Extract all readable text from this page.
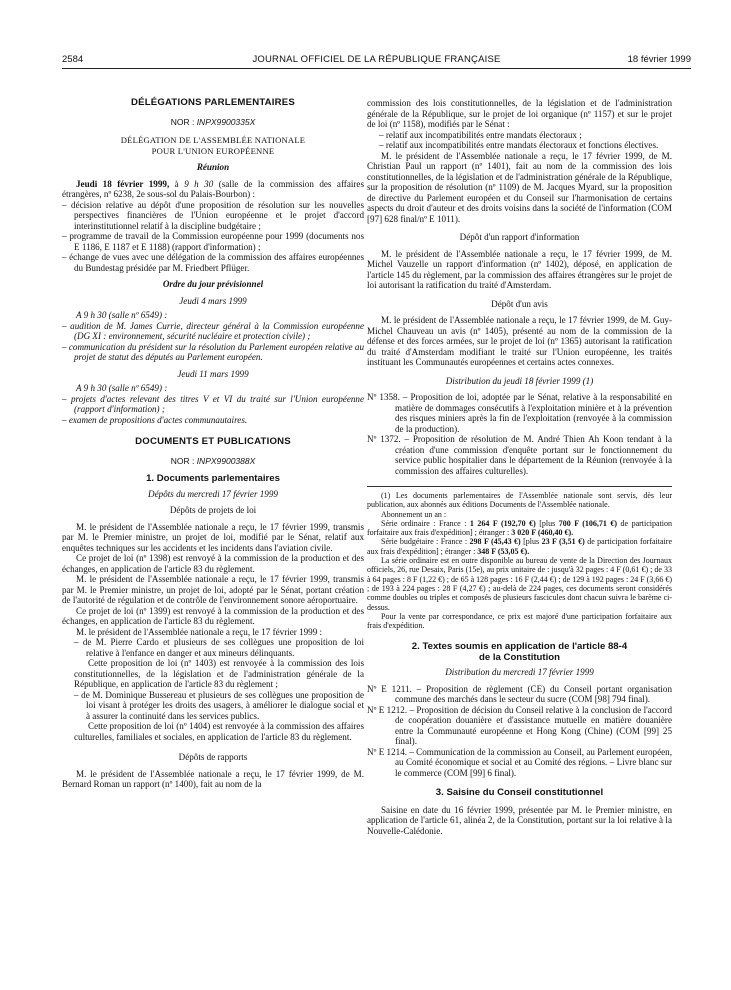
2584	JOURNAL OFFICIEL DE LA RÉPUBLIQUE FRANÇAISE	18 février 1999

DÉLÉGATIONS PARLEMENTAIRES

NOR : INPX9900335X

DÉLÉGATION DE L'ASSEMBLÉE NATIONALE

POUR L'UNION EUROPÉENNE

Réunion

Jeudi 18 février 1999, à 9 h 30 (salle de la commission des affaires étrangères, nº 6238, 2e sous-sol du Palais-Bourbon) :

– décision relative au dépôt d'une proposition de résolution sur les nouvelles perspectives financières de l'Union européenne et le projet d'accord interinstitutionnel relatif à la discipline budgétaire ;

– programme de travail de la Commission européenne pour 1999 (documents nos E 1186, E 1187 et E 1188) (rapport d'information) ;

– échange de vues avec une délégation de la commission des affaires européennes du Bundestag présidée par M. Friedbert Pflüger.

Ordre du jour prévisionnel

Jeudi 4 mars 1999

A 9 h 30 (salle nº 6549) :

– audition de M. James Currie, directeur général à la Commission européenne (DG XI : environnement, sécurité nucléaire et protection civile) ;

– communication du président sur la résolution du Parlement européen relative au projet de statut des députés au Parlement européen.

Jeudi 11 mars 1999

A 9 h 30 (salle nº 6549) :

– projets d'actes relevant des titres V et VI du traité sur l'Union européenne (rapport d'information) ;

– examen de propositions d'actes communautaires.

DOCUMENTS ET PUBLICATIONS

NOR : INPX9900388X

1. Documents parlementaires

Dépôts du mercredi 17 février 1999

Dépôts de projets de loi

M. le président de l'Assemblée nationale a reçu, le 17 février 1999, transmis par M. le Premier ministre, un projet de loi, modifié par le Sénat, relatif aux enquêtes techniques sur les accidents et les incidents dans l'aviation civile.

Ce projet de loi (nº 1398) est renvoyé à la commission de la production et des échanges, en application de l'article 83 du règlement.

M. le président de l'Assemblée nationale a reçu, le 17 février 1999, transmis par M. le Premier ministre, un projet de loi, adopté par le Sénat, portant création de l'autorité de régulation et de contrôle de l'environnement sonore aéroportuaire.

Ce projet de loi (nº 1399) est renvoyé à la commission de la production et des échanges, en application de l'article 83 du règlement.

M. le président de l'Assemblée nationale a reçu, le 17 février 1999 :

– de M. Pierre Cardo et plusieurs de ses collègues une proposition de loi relative à l'enfance en danger et aux mineurs délinquants.

Cette proposition de loi (nº 1403) est renvoyée à la commission des lois constitutionnelles, de la législation et de l'administration générale de la République, en application de l'article 83 du règlement ;

– de M. Dominique Bussereau et plusieurs de ses collègues une proposition de loi visant à protéger les droits des usagers, à améliorer le dialogue social et à assurer la continuité dans les services publics.

Cette proposition de loi (nº 1404) est renvoyée à la commission des affaires culturelles, familiales et sociales, en application de l'article 83 du règlement.

Dépôts de rapports

M. le président de l'Assemblée nationale a reçu, le 17 février 1999, de M. Bernard Roman un rapport (nº 1400), fait au nom de la

commission des lois constitutionnelles, de la législation et de l'administration générale de la République, sur le projet de loi organique (nº 1157) et sur le projet de loi (nº 1158), modifiés par le Sénat :

– relatif aux incompatibilités entre mandats électoraux ;

– relatif aux incompatibilités entre mandats électoraux et fonctions électives.

M. le président de l'Assemblée nationale a reçu, le 17 février 1999, de M. Christian Paul un rapport (nº 1401), fait au nom de la commission des lois constitutionnelles, de la législation et de l'administration générale de la République, sur la proposition de résolution (nº 1109) de M. Jacques Myard, sur la proposition de directive du Parlement européen et du Conseil sur l'harmonisation de certains aspects du droit d'auteur et des droits voisins dans la société de l'information (COM [97] 628 final/nº E 1011).

Dépôt d'un rapport d'information

M. le président de l'Assemblée nationale a reçu, le 17 février 1999, de M. Michel Vauzelle un rapport d'information (nº 1402), déposé, en application de l'article 145 du règlement, par la commission des affaires étrangères sur le projet de loi autorisant la ratification du traité d'Amsterdam.

Dépôt d'un avis

M. le président de l'Assemblée nationale a reçu, le 17 février 1999, de M. Guy-Michel Chauveau un avis (nº 1405), présenté au nom de la commission de la défense et des forces armées, sur le projet de loi (nº 1365) autorisant la ratification du traité d'Amsterdam modifiant le traité sur l'Union européenne, les traités instituant les Communautés européennes et certains actes connexes.

Distribution du jeudi 18 février 1999 (1)

Nº 1358. – Proposition de loi, adoptée par le Sénat, relative à la responsabilité en matière de dommages consécutifs à l'exploitation minière et à la prévention des risques miniers après la fin de l'exploitation (renvoyée à la commission de la production).

Nº 1372. – Proposition de résolution de M. André Thien Ah Koon tendant à la création d'une commission d'enquête portant sur le fonctionnement du service public hospitalier dans le département de la Réunion (renvoyée à la commission des affaires culturelles).

(1) Les documents parlementaires de l'Assemblée nationale sont servis, dès leur publication, aux abonnés aux éditions Documents de l'Assemblée nationale.

Abonnement un an :

Série ordinaire : France : 1 264 F (192,70 €) [plus 700 F (106,71 €) de participation forfaitaire aux frais d'expédition] ; étranger : 3 020 F (460,40 €).

Série budgétaire : France : 298 F (45,43 €) [plus 23 F (3,51 €) de participation forfaitaire aux frais d'expédition] ; étranger : 348 F (53,05 €).

La série ordinaire est en outre disponible au bureau de vente de la Direction des Journaux officiels, 26, rue Desaix, Paris (15e), au prix unitaire de : jusqu'à 32 pages : 4 F (0,61 €) ; de 33 à 64 pages : 8 F (1,22 €) ; de 65 à 128 pages : 16 F (2,44 €) ; de 129 à 192 pages : 24 F (3,66 €) ; de 193 à 224 pages : 28 F (4,27 €) ; au-delà de 224 pages, ces documents seront considérés comme doubles ou triples et composés de plusieurs fascicules dont chacun suivra le barème ci-dessus.

Pour la vente par correspondance, ce prix est majoré d'une participation forfaitaire aux frais d'expédition.

2. Textes soumis en application de l'article 88-4

de la Constitution

Distribution du mercredi 17 février 1999

Nº E 1211. – Proposition de règlement (CE) du Conseil portant organisation commune des marchés dans le secteur du sucre (COM [98] 794 final).

Nº E 1212. – Proposition de décision du Conseil relative à la conclusion de l'accord de coopération douanière et d'assistance mutuelle en matière douanière entre la Communauté européenne et Hong Kong (Chine) (COM [99] 25 final).

Nº E 1214. – Communication de la commission au Conseil, au Parlement européen, au Comité économique et social et au Comité des régions. – Livre blanc sur le commerce (COM [99] 6 final).

3. Saisine du Conseil constitutionnel

Saisine en date du 16 février 1999, présentée par M. le Premier ministre, en application de l'article 61, alinéa 2, de la Constitution, portant sur la loi relative à la Nouvelle-Calédonie.
